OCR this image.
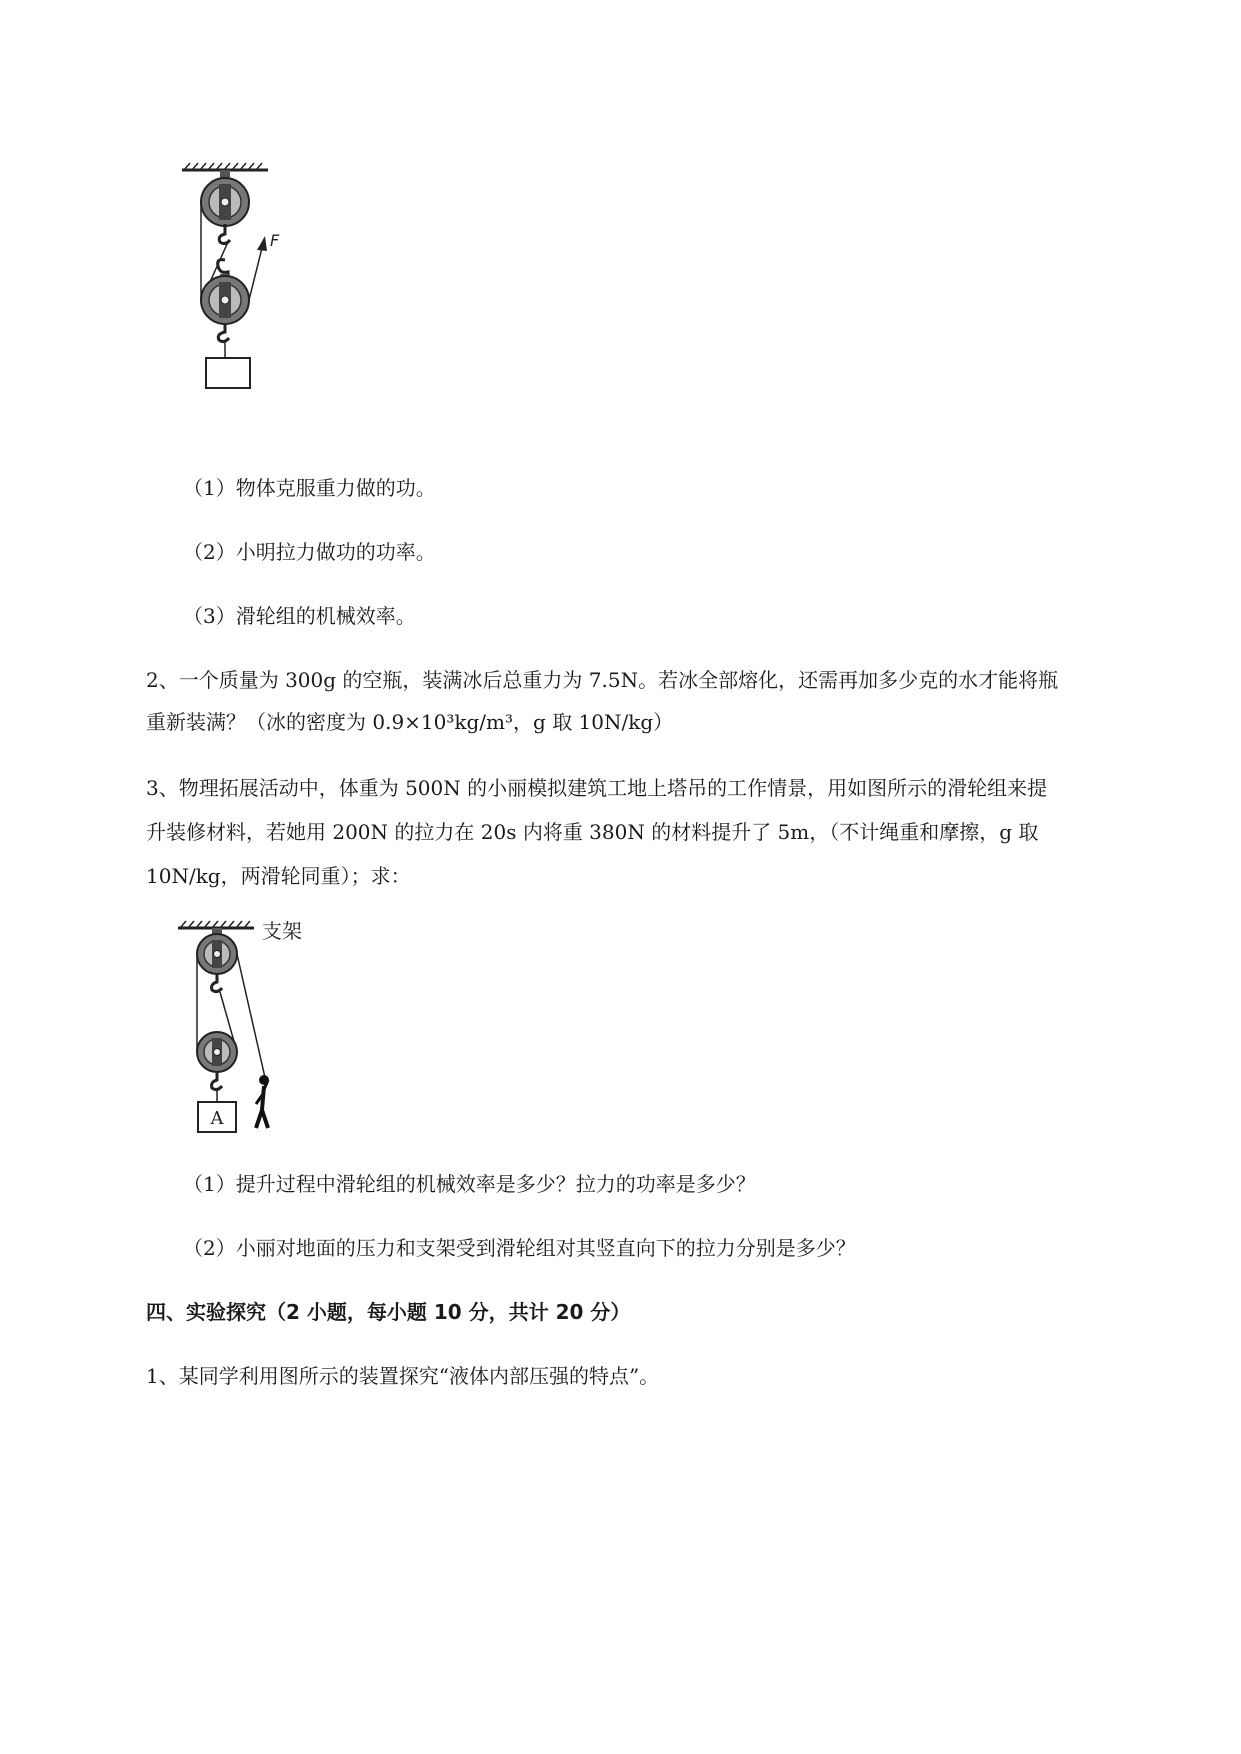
F
（1）物体克服重力做的功。
（2）小明拉力做功的功率。
（3）滑轮组的机械效率。
2、一个质量为 300g 的空瓶，装满冰后总重力为 7.5N。若冰全部熔化，还需再加多少克的水才能将瓶
重新装满？（冰的密度为 0.9×10³kg/m³，g 取 10N/kg）
3、物理拓展活动中，体重为 500N 的小丽模拟建筑工地上塔吊的工作情景，用如图所示的滑轮组来提
升装修材料，若她用 200N 的拉力在 20s 内将重 380N 的材料提升了 5m，（不计绳重和摩擦，g 取
10N/kg，两滑轮同重）；求：
支架
A
（1）提升过程中滑轮组的机械效率是多少？拉力的功率是多少？
（2）小丽对地面的压力和支架受到滑轮组对其竖直向下的拉力分别是多少？
四、实验探究（2 小题，每小题 10 分，共计 20 分）
1、某同学利用图所示的装置探究“液体内部压强的特点”。
